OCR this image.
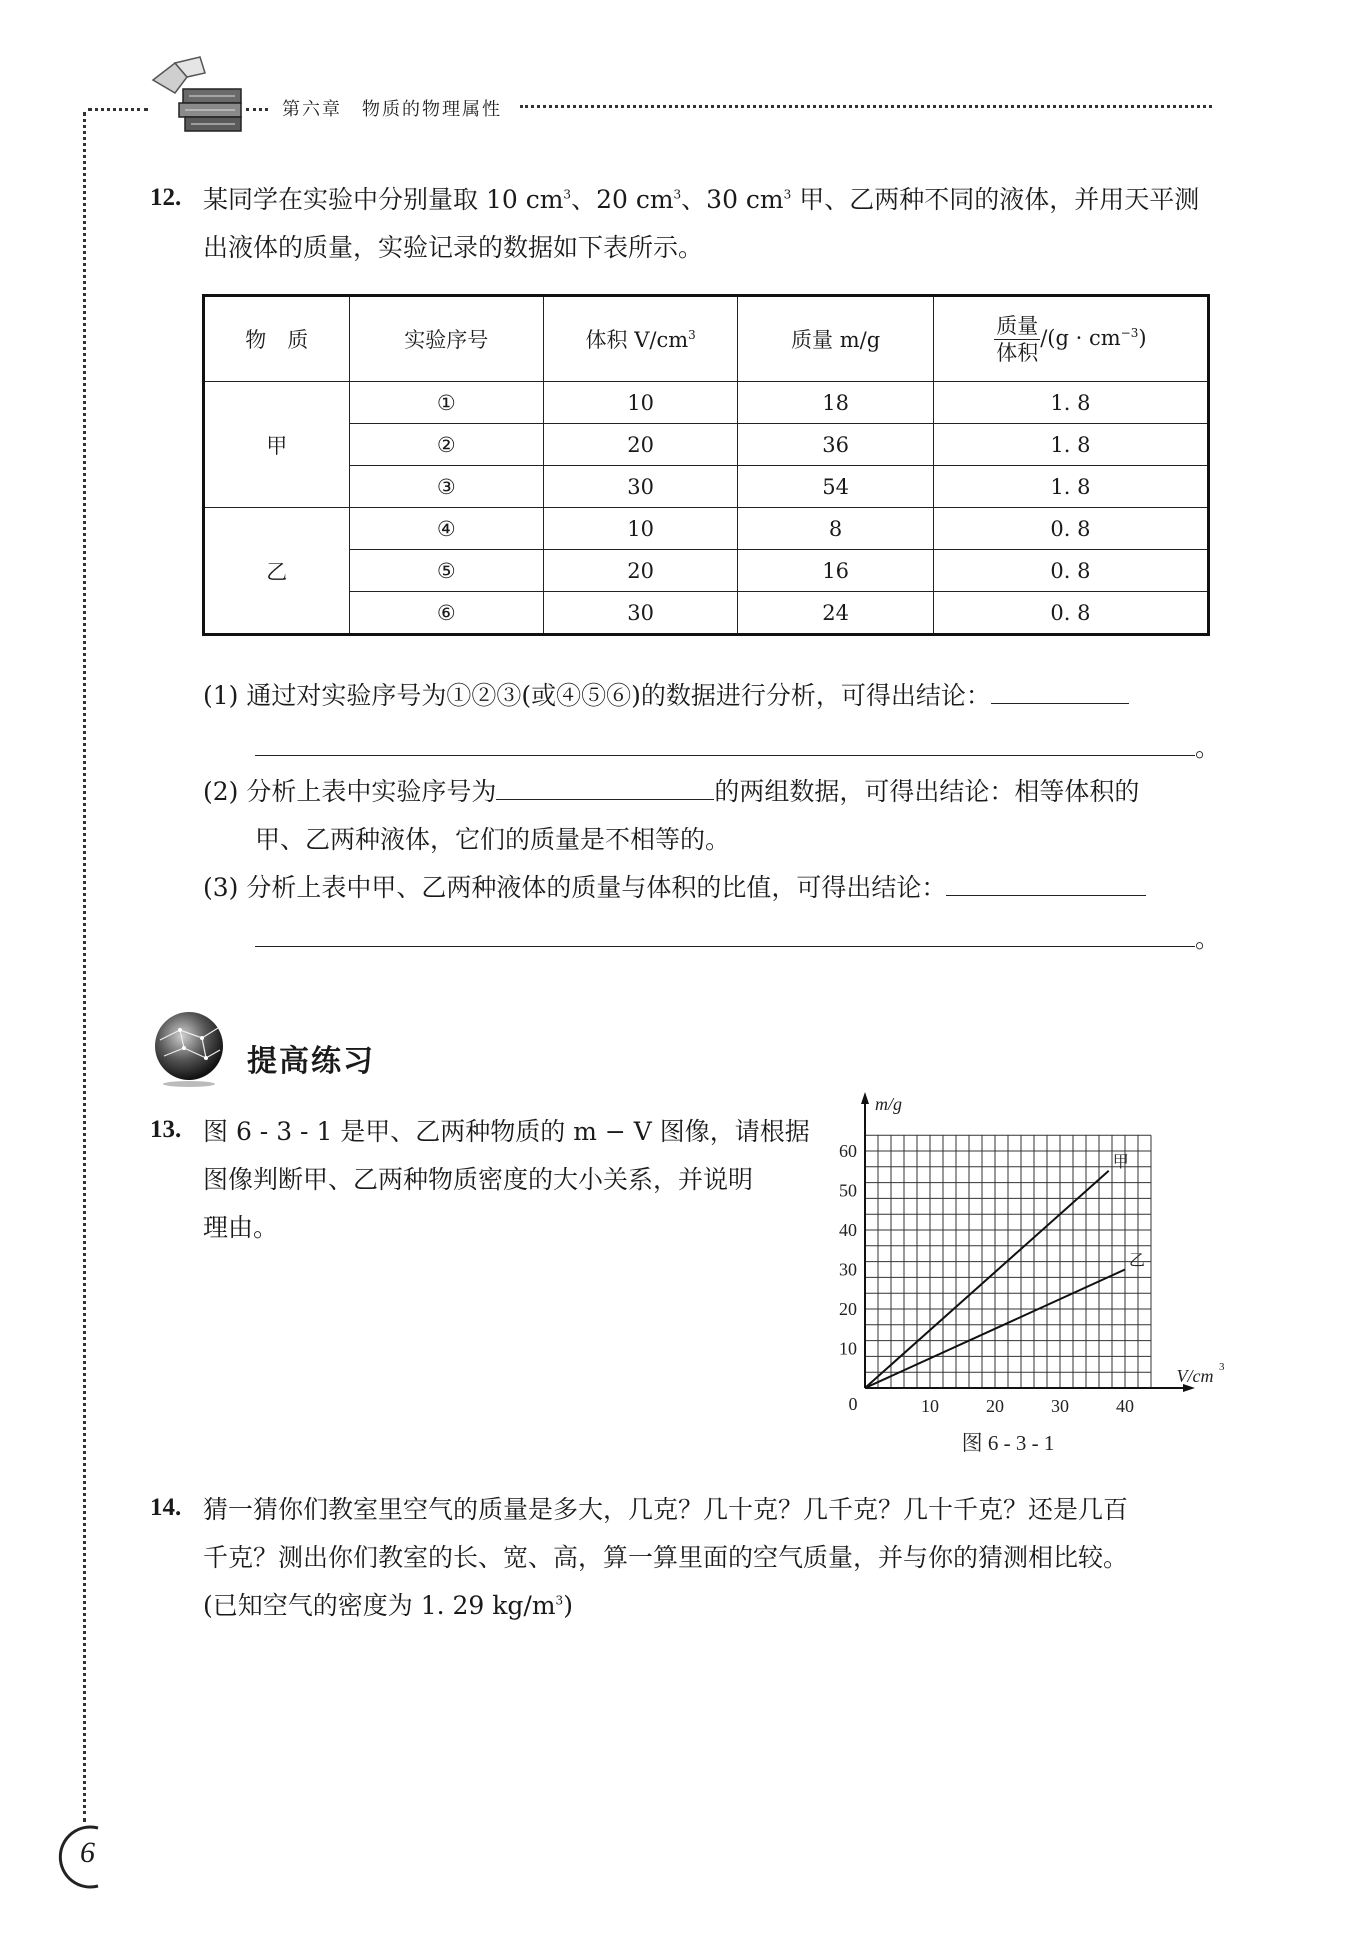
第六章　 物质的物理属性
12. 某同学在实验中分别量取 10 $cm^3$、20 $cm^3$、30 $cm^3$ 甲、乙两种不同的液体，并用天平测
出液体的质量，实验记录的数据如下表所示。
物　质	实验序号	体积 $V/cm^3$	质量 m/g	$\frac{\text{质量}}{\text{体积}} /(g \cdot cm^{-3})$
甲	①	10	18	1. 8
	②	20	36	1. 8
	③	30	54	1. 8
乙	④	10	8	0. 8
	⑤	20	16	0. 8
	⑥	30	24	0. 8
(1) 通过对实验序号为①②③(或④⑤⑥)的数据进行分析，可得出结论：
。
(2) 分析上表中实验序号为	的两组数据，可得出结论：相等体积的
甲、乙两种液体，它们的质量是不相等的。
(3) 分析上表中甲、乙两种液体的质量与体积的比值，可得出结论：
。
提高练习
13. 图 6 - 3 - 1 是甲、乙两种物质的 m − V 图像，请根据
图像判断甲、乙两种物质密度的大小关系，并说明
理由。
10	20	30	40
10
20
30
40
50
60
0
m/g
V/cm 3
甲
乙
图 6 - 3 - 1
14. 猜一猜你们教室里空气的质量是多大，几克？几十克？几千克？几十千克？还是几百
千克？测出你们教室的长、宽、高，算一算里面的空气质量，并与你的猜测相比较。
(已知空气的密度为 1. 29 $kg/m^3$)
6
